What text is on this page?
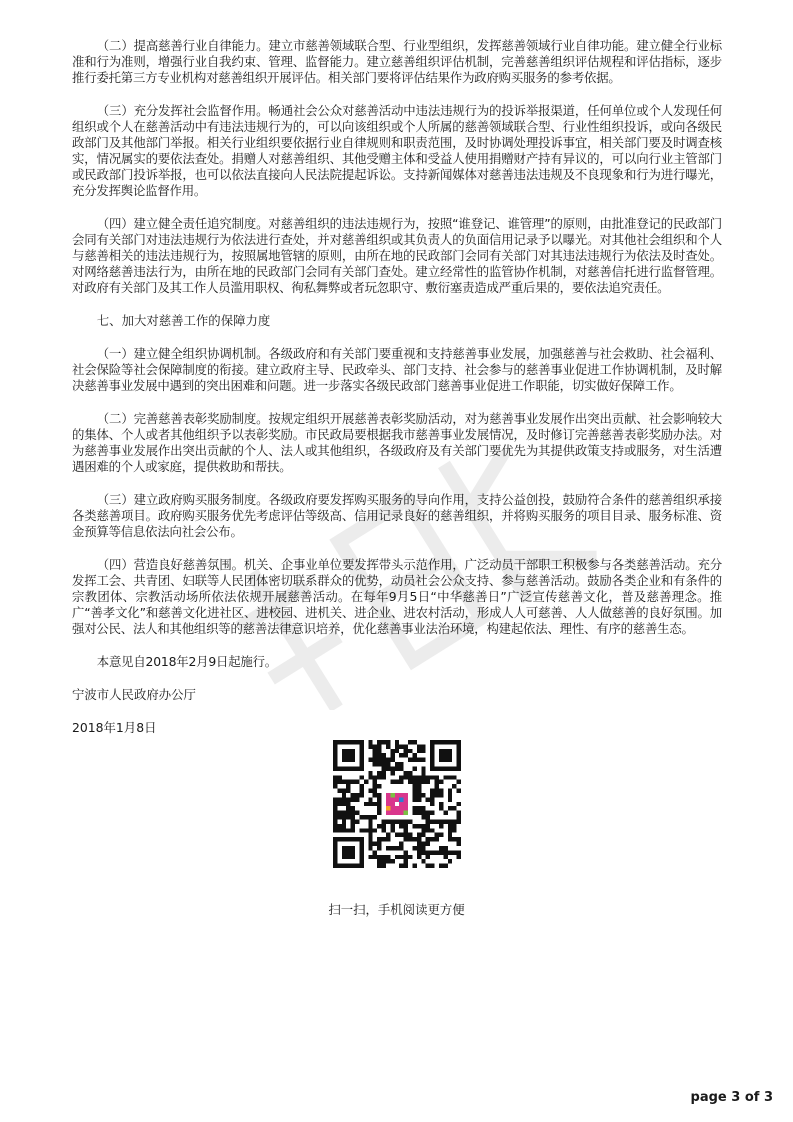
（二）提高慈善行业自律能力。建立市慈善领域联合型、行业型组织，发挥慈善领域行业自律功能。建立健全行业标准和行为准则，增强行业自我约束、管理、监督能力。建立慈善组织评估机制，完善慈善组织评估规程和评估指标，逐步推行委托第三方专业机构对慈善组织开展评估。相关部门要将评估结果作为政府购买服务的参考依据。

（三）充分发挥社会监督作用。畅通社会公众对慈善活动中违法违规行为的投诉举报渠道，任何单位或个人发现任何组织或个人在慈善活动中有违法违规行为的，可以向该组织或个人所属的慈善领域联合型、行业性组织投诉，或向各级民政部门及其他部门举报。相关行业组织要依据行业自律规则和职责范围，及时协调处理投诉事宜，相关部门要及时调查核实，情况属实的要依法查处。捐赠人对慈善组织、其他受赠主体和受益人使用捐赠财产持有异议的，可以向行业主管部门或民政部门投诉举报，也可以依法直接向人民法院提起诉讼。支持新闻媒体对慈善违法违规及不良现象和行为进行曝光，充分发挥舆论监督作用。

（四）建立健全责任追究制度。对慈善组织的违法违规行为，按照“谁登记、谁管理”的原则，由批准登记的民政部门会同有关部门对违法违规行为依法进行查处，并对慈善组织或其负责人的负面信用记录予以曝光。对其他社会组织和个人与慈善相关的违法违规行为，按照属地管辖的原则，由所在地的民政部门会同有关部门对其违法违规行为依法及时查处。对网络慈善违法行为，由所在地的民政部门会同有关部门查处。建立经常性的监管协作机制，对慈善信托进行监督管理。对政府有关部门及其工作人员滥用职权、徇私舞弊或者玩忽职守、敷衍塞责造成严重后果的，要依法追究责任。

七、加大对慈善工作的保障力度

（一）建立健全组织协调机制。各级政府和有关部门要重视和支持慈善事业发展，加强慈善与社会救助、社会福利、社会保险等社会保障制度的衔接。建立政府主导、民政牵头、部门支持、社会参与的慈善事业促进工作协调机制，及时解决慈善事业发展中遇到的突出困难和问题。进一步落实各级民政部门慈善事业促进工作职能，切实做好保障工作。

（二）完善慈善表彰奖励制度。按规定组织开展慈善表彰奖励活动，对为慈善事业发展作出突出贡献、社会影响较大的集体、个人或者其他组织予以表彰奖励。市民政局要根据我市慈善事业发展情况，及时修订完善慈善表彰奖励办法。对为慈善事业发展作出突出贡献的个人、法人或其他组织，各级政府及有关部门要优先为其提供政策支持或服务，对生活遭遇困难的个人或家庭，提供救助和帮扶。

（三）建立政府购买服务制度。各级政府要发挥购买服务的导向作用，支持公益创投，鼓励符合条件的慈善组织承接各类慈善项目。政府购买服务优先考虑评估等级高、信用记录良好的慈善组织，并将购买服务的项目目录、服务标准、资金预算等信息依法向社会公布。

（四）营造良好慈善氛围。机关、企事业单位要发挥带头示范作用，广泛动员干部职工积极参与各类慈善活动。充分发挥工会、共青团、妇联等人民团体密切联系群众的优势，动员社会公众支持、参与慈善活动。鼓励各类企业和有条件的宗教团体、宗教活动场所依法依规开展慈善活动。在每年9月5日“中华慈善日”广泛宣传慈善文化，普及慈善理念。推广“善孝文化”和慈善文化进社区、进校园、进机关、进企业、进农村活动，形成人人可慈善、人人做慈善的良好氛围。加强对公民、法人和其他组织等的慈善法律意识培养，优化慈善事业法治环境，构建起依法、理性、有序的慈善生态。

本意见自2018年2月9日起施行。

宁波市人民政府办公厅

2018年1月8日

扫一扫，手机阅读更方便
page 3 of 3
